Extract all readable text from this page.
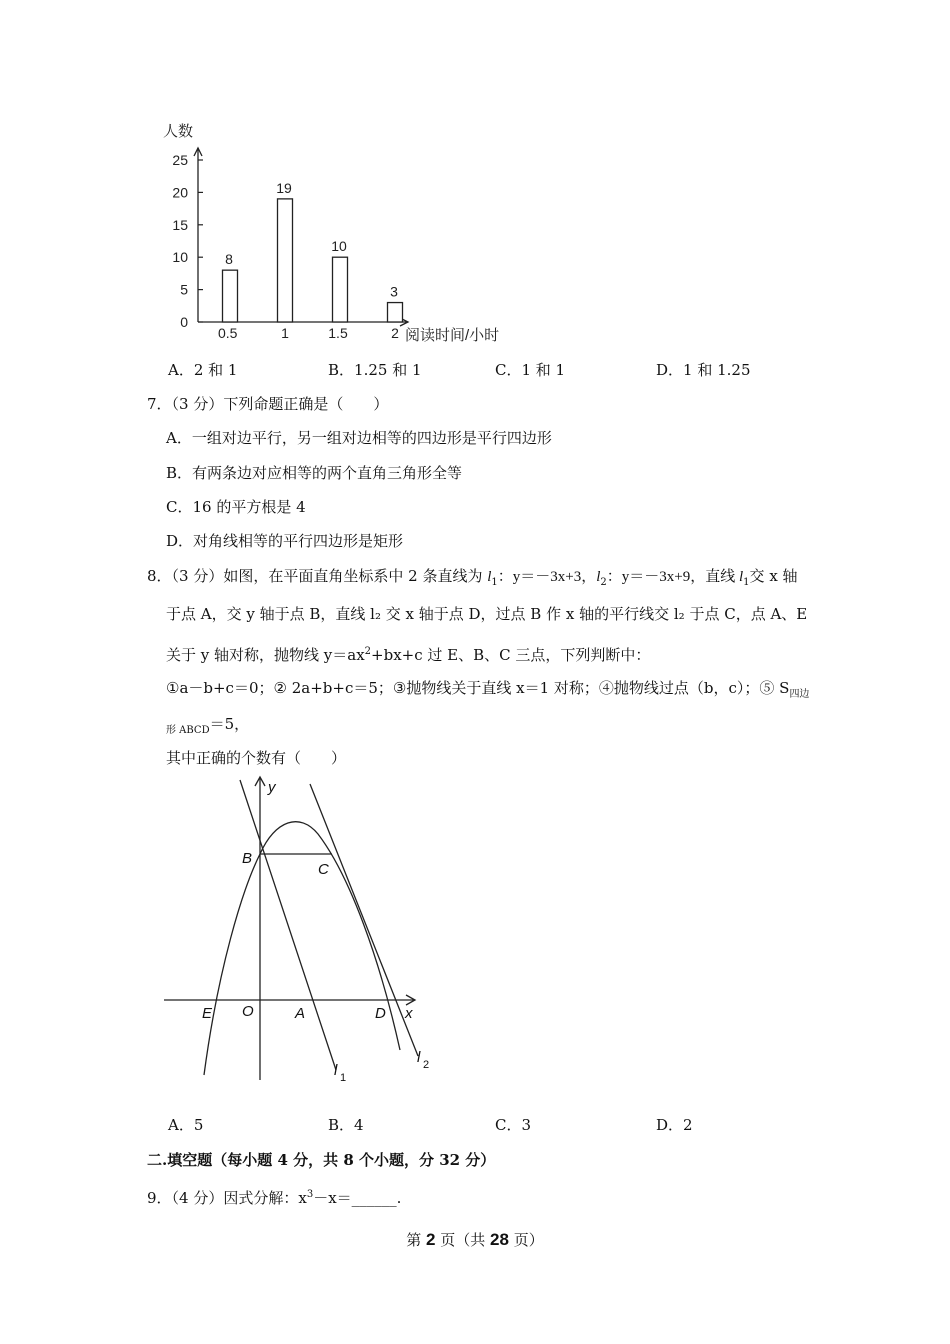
0
5
10
15
20
25
人数
8
0.5
19
1
10
1.5
3
2 阅读时间/小时
A．2 和 1	B．1.25 和 1	C．1 和 1	D．1 和 1.25
7．（3 分）下列命题正确是（　　）
A．一组对边平行，另一组对边相等的四边形是平行四边形
B．有两条边对应相等的两个直角三角形全等
C．16 的平方根是 4
D．对角线相等的平行四边形是矩形
8．（3 分）如图，在平面直角坐标系中 2 条直线为 $l_1$：y＝－3x+3，$l_2$：y＝－3x+9，直线 $l_1$交 x 轴
于点 A，交 y 轴于点 B，直线 l₂ 交 x 轴于点 D，过点 B 作 x 轴的平行线交 l₂ 于点 C，点 A、E
关于 y 轴对称，抛物线 $y=ax^2+bx+c$ 过 E、B、C 三点，下列判断中：
①a－b+c＝0；② 2a+b+c＝5；③抛物线关于直线 x＝1 对称；④抛物线过点（b，c）；⑤ $S_{四边}$
$_{形 ABCD}$＝5，
其中正确的个数有（　　）
y
B
C
E O	A	D x
l 1
l 2
A．5	B．4	C．3	D．2
二.填空题（每小题 4 分，共 8 个小题，分 32 分）
9．（4 分）因式分解：$x^3-x=\_\_\_\_\_\_$.
第 2 页（共 28 页）
